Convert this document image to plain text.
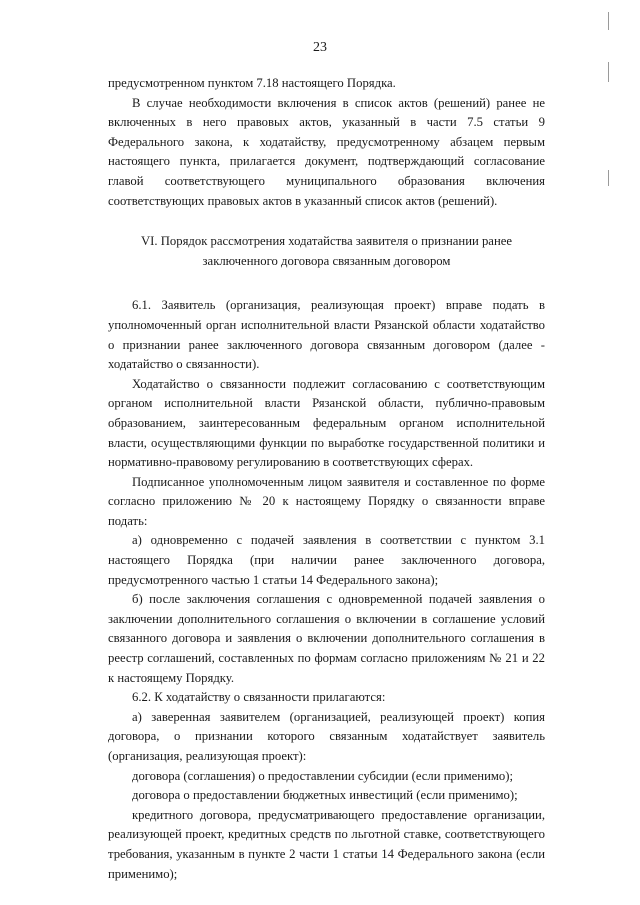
23

предусмотренном пунктом 7.18 настоящего Порядка.

В случае необходимости включения в список актов (решений) ранее не включенных в него правовых актов, указанный в части 7.5 статьи 9 Федерального закона, к ходатайству, предусмотренному абзацем первым настоящего пункта, прилагается документ, подтверждающий согласование главой соответствующего муниципального образования включения соответствующих правовых актов в указанный список актов (решений).

VI. Порядок рассмотрения ходатайства заявителя о признании ранее заключенного договора связанным договором

6.1. Заявитель (организация, реализующая проект) вправе подать в уполномоченный орган исполнительной власти Рязанской области ходатайство о признании ранее заключенного договора связанным договором (далее - ходатайство о связанности).

Ходатайство о связанности подлежит согласованию с соответствующим органом исполнительной власти Рязанской области, публично-правовым образованием, заинтересованным федеральным органом исполнительной власти, осуществляющими функции по выработке государственной политики и нормативно-правовому регулированию в соответствующих сферах.

Подписанное уполномоченным лицом заявителя и составленное по форме согласно приложению № 20 к настоящему Порядку о связанности вправе подать:

а) одновременно с подачей заявления в соответствии с пунктом 3.1 настоящего Порядка (при наличии ранее заключенного договора, предусмотренного частью 1 статьи 14 Федерального закона);

б) после заключения соглашения с одновременной подачей заявления о заключении дополнительного соглашения о включении в соглашение условий связанного договора и заявления о включении дополнительного соглашения в реестр соглашений, составленных по формам согласно приложениям № 21 и 22 к настоящему Порядку.

6.2. К ходатайству о связанности прилагаются:

а) заверенная заявителем (организацией, реализующей проект) копия договора, о признании которого связанным ходатайствует заявитель (организация, реализующая проект):

договора (соглашения) о предоставлении субсидии (если применимо);

договора о предоставлении бюджетных инвестиций (если применимо);

кредитного договора, предусматривающего предоставление организации, реализующей проект, кредитных средств по льготной ставке, соответствующего требования, указанным в пункте 2 части 1 статьи 14 Федерального закона (если применимо);
